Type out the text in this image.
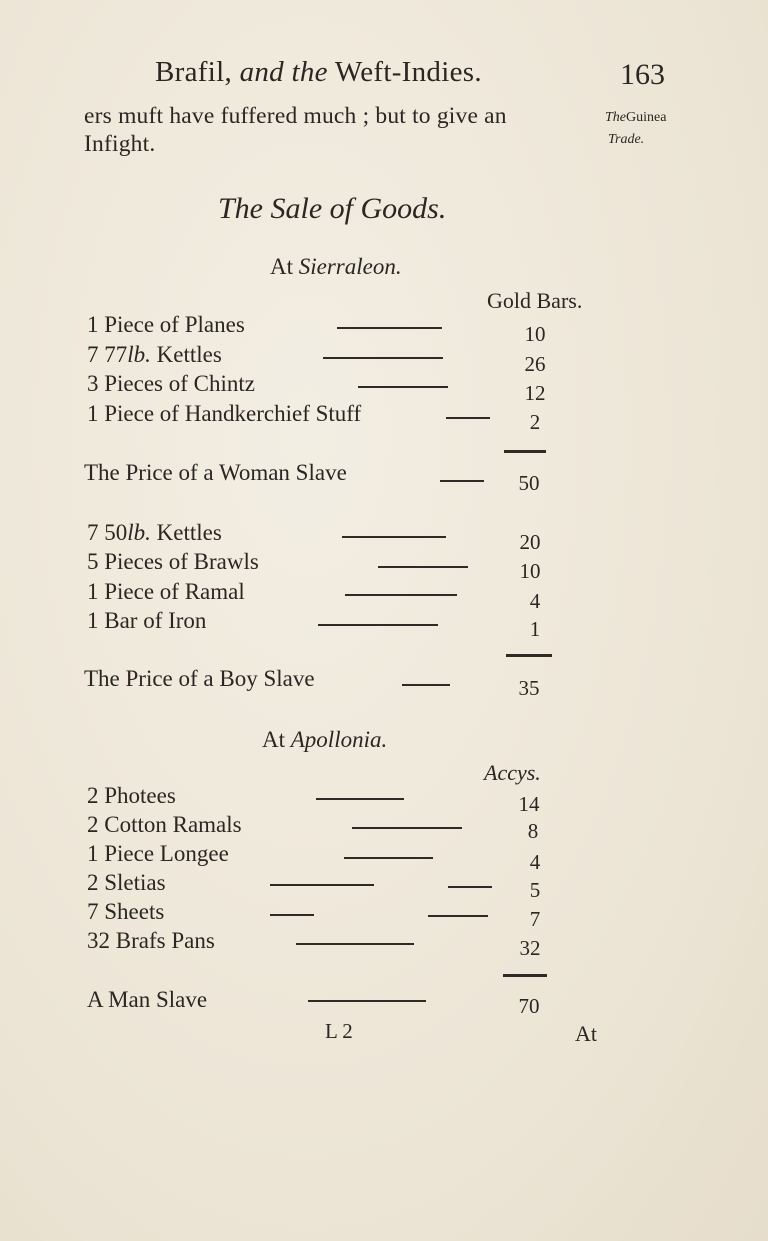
Brafil, and the Weft-Indies.	163
ers muft have fuffered much ; but to give an
Infight.
TheGuinea
Trade.
The Sale of Goods.
At Sierraleon.
Gold Bars.
1 Piece of Planes	10
7 77lb. Kettles	26
3 Pieces of Chintz	12
1 Piece of Handkerchief Stuff	2
The Price of a Woman Slave	50
7 50lb. Kettles	20
5 Pieces of Brawls	10
1 Piece of Ramal	4
1 Bar of Iron	1
The Price of a Boy Slave	35
At Apollonia.
Accys.
2 Photees	14
2 Cotton Ramals	8
1 Piece Longee	4
2 Sletias	5
7 Sheets	7
32 Brafs Pans	32
A Man Slave	70
L 2	At
